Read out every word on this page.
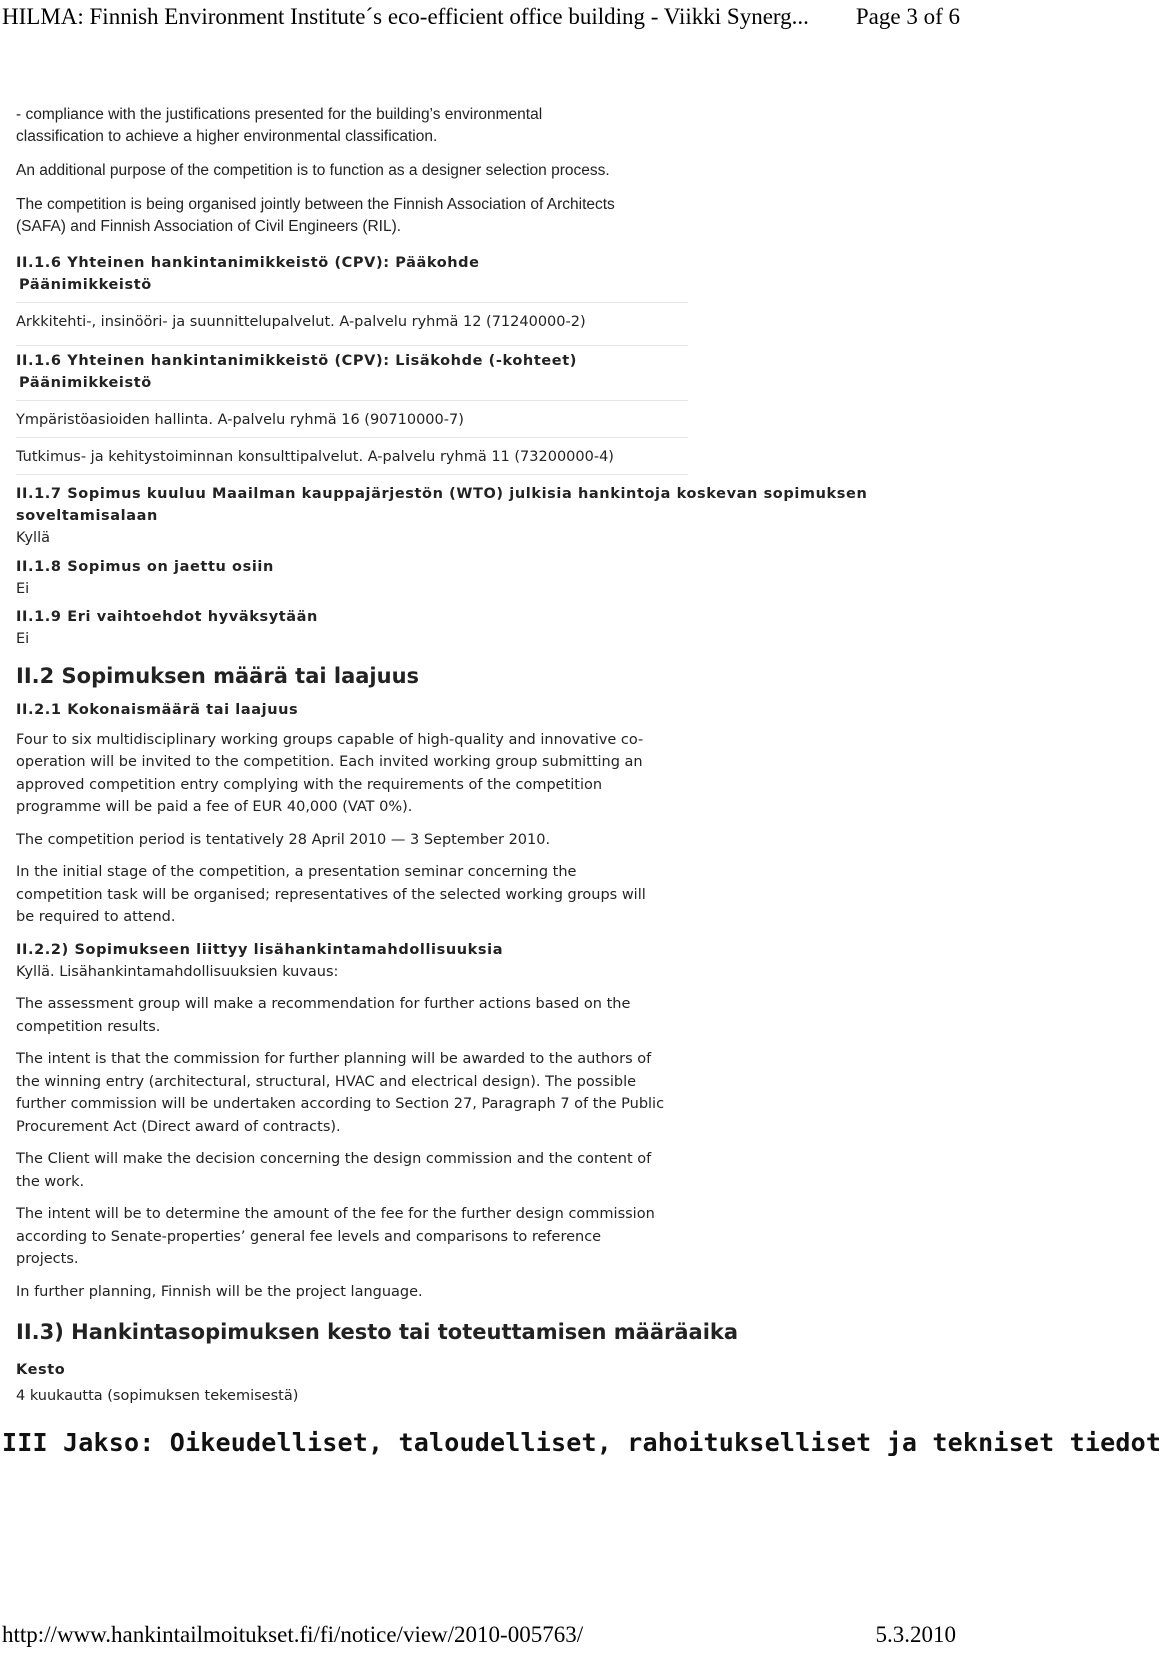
HILMA: Finnish Environment Institute´s eco-efficient office building - Viikki Synerg... Page 3 of 6

- compliance with the justifications presented for the building’s environmental classification to achieve a higher environmental classification.

An additional purpose of the competition is to function as a designer selection process.

The competition is being organised jointly between the Finnish Association of Architects (SAFA) and Finnish Association of Civil Engineers (RIL).

II.1.6 Yhteinen hankintanimikkeistö (CPV): Pääkohde

Päänimikkeistö

Arkkitehti-, insinööri- ja suunnittelupalvelut. A-palvelu ryhmä 12 (71240000-2)

II.1.6 Yhteinen hankintanimikkeistö (CPV): Lisäkohde (-kohteet)

Päänimikkeistö

Ympäristöasioiden hallinta. A-palvelu ryhmä 16 (90710000-7)
Tutkimus- ja kehitystoiminnan konsulttipalvelut. A-palvelu ryhmä 11 (73200000-4)

II.1.7 Sopimus kuuluu Maailman kauppajärjestön (WTO) julkisia hankintoja koskevan sopimuksen soveltamisalaan

Kyllä

II.1.8 Sopimus on jaettu osiin

Ei

II.1.9 Eri vaihtoehdot hyväksytään

Ei

II.2 Sopimuksen määrä tai laajuus

II.2.1 Kokonaismäärä tai laajuus

Four to six multidisciplinary working groups capable of high-quality and innovative co-operation will be invited to the competition. Each invited working group submitting an approved competition entry complying with the requirements of the competition programme will be paid a fee of EUR 40,000 (VAT 0%).

The competition period is tentatively 28 April 2010 — 3 September 2010.

In the initial stage of the competition, a presentation seminar concerning the competition task will be organised; representatives of the selected working groups will be required to attend.

II.2.2) Sopimukseen liittyy lisähankintamahdollisuuksia

Kyllä. Lisähankintamahdollisuuksien kuvaus:

The assessment group will make a recommendation for further actions based on the competition results.

The intent is that the commission for further planning will be awarded to the authors of the winning entry (architectural, structural, HVAC and electrical design). The possible further commission will be undertaken according to Section 27, Paragraph 7 of the Public Procurement Act (Direct award of contracts).

The Client will make the decision concerning the design commission and the content of the work.

The intent will be to determine the amount of the fee for the further design commission according to Senate-properties’ general fee levels and comparisons to reference projects.

In further planning, Finnish will be the project language.

II.3) Hankintasopimuksen kesto tai toteuttamisen määräaika

Kesto

4 kuukautta (sopimuksen tekemisestä)

III Jakso: Oikeudelliset, taloudelliset, rahoitukselliset ja tekniset tiedot

http://www.hankintailmoitukset.fi/fi/notice/view/2010-005763/	5.3.2010
